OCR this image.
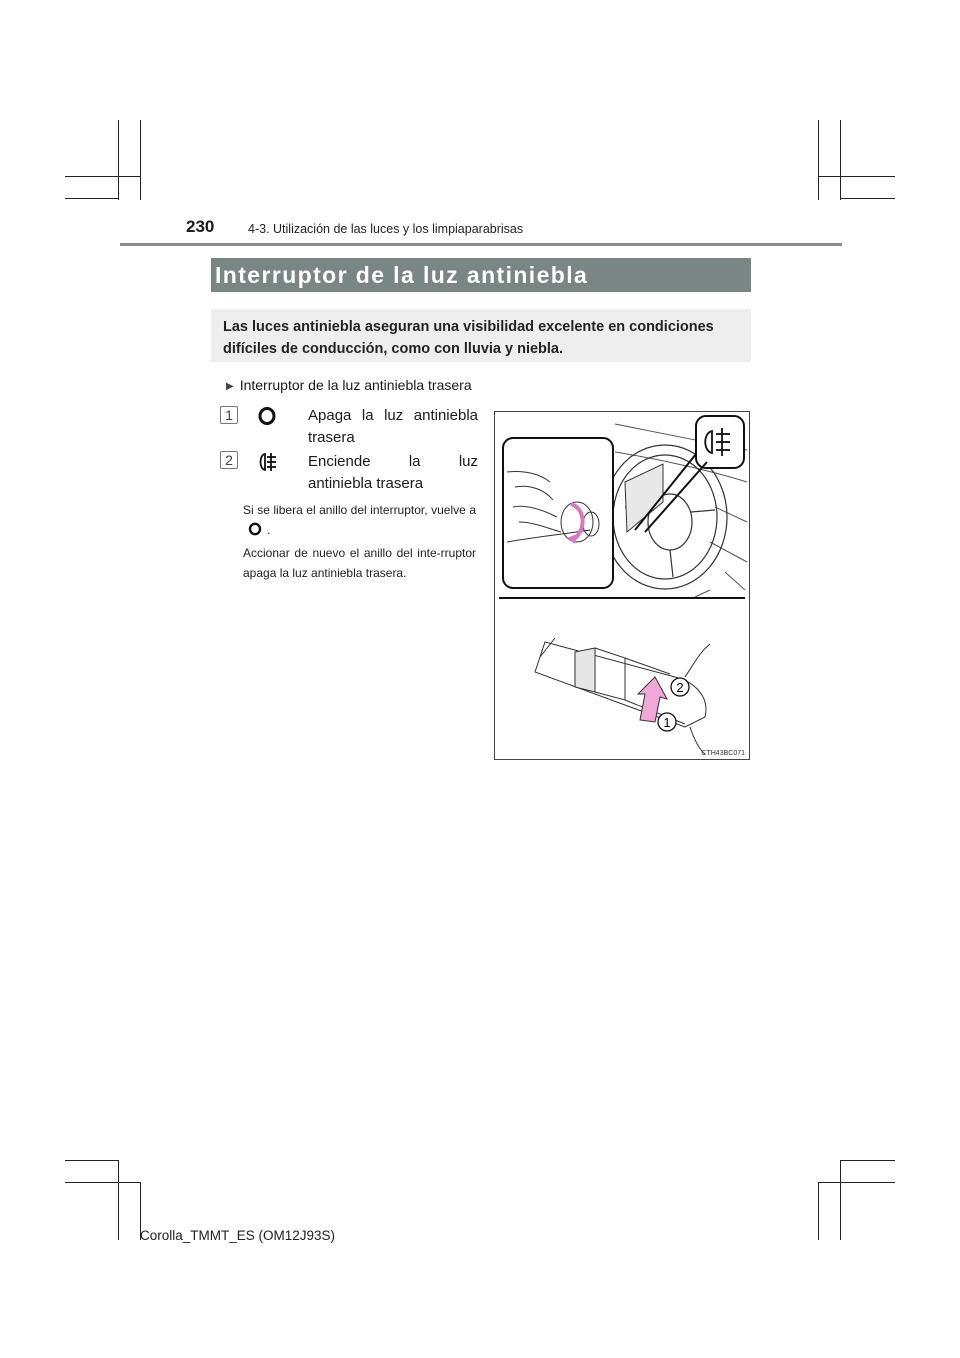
230	4-3. Utilización de las luces y los limpiaparabrisas
Interruptor de la luz antiniebla
Las luces antiniebla aseguran una visibilidad excelente en condiciones difíciles de conducción, como con lluvia y niebla.
▶ Interruptor de la luz antiniebla trasera
1	Apaga la luz antiniebla trasera
2	Enciende la luz antiniebla trasera
Si se libera el anillo del interruptor, vuelve a .
Accionar de nuevo el anillo del inte-rruptor apaga la luz antiniebla trasera.
2
1
CTH43BC071
Corolla_TMMT_ES (OM12J93S)
